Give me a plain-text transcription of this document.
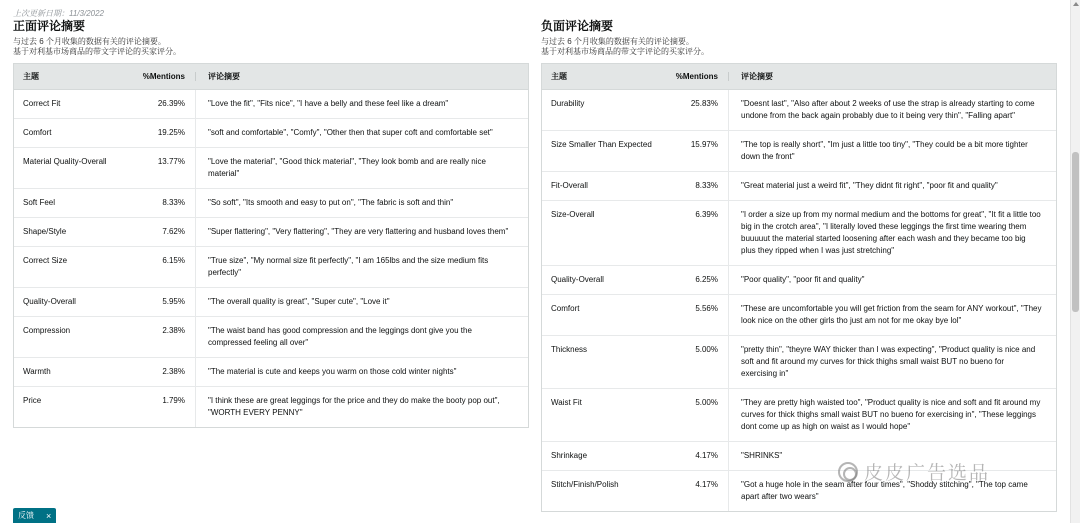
上次更新日期：11/3/2022
正面评论摘要
与过去 6 个月收集的数据有关的评论摘要。
基于对利基市场商品的带文字评论的买家评分。
主题	%Mentions	评论摘要
Correct Fit	26.39%	"Love the fit", "Fits nice", "I have a belly and these feel like a dream"
Comfort	19.25%	"soft and comfortable", "Comfy", "Other then that super coft and comfortable set"
Material Quality-Overall	13.77%	"Love the material", "Good thick material", "They look bomb and are really nice material"
Soft Feel	8.33%	"So soft", "Its smooth and easy to put on", "The fabric is soft and thin"
Shape/Style	7.62%	"Super flattering", "Very flattering", "They are very flattering and husband loves them"
Correct Size	6.15%	"True size", "My normal size fit perfectly", "I am 165lbs and the size medium fits perfectly"
Quality-Overall	5.95%	"The overall quality is great", "Super cute", "Love it"
Compression	2.38%	"The waist band has good compression and the leggings dont give you the compressed feeling all over"
Warmth	2.38%	"The material is cute and keeps you warm on those cold winter nights"
Price	1.79%	"I think these are great leggings for the price and they do make the booty pop out", "WORTH EVERY PENNY"
负面评论摘要
与过去 6 个月收集的数据有关的评论摘要。
基于对利基市场商品的带文字评论的买家评分。
主题	%Mentions	评论摘要
Durability	25.83%	"Doesnt last", "Also after about 2 weeks of use the strap is already starting to come undone from the back again probably due to it being very thin", "Falling apart"
Size Smaller Than Expected	15.97%	"The top is really short", "Im just a little too tiny", "They could be a bit more tighter down the front"
Fit-Overall	8.33%	"Great material just a weird fit", "They didnt fit right", "poor fit and quality"
Size-Overall	6.39%	"I order a size up from my normal medium and the bottoms for great", "It fit a little too big in the crotch area", "I literally loved these leggings the first time wearing them buuuuut the material started loosening after each wash and they became too big plus they ripped when I was just stretching"
Quality-Overall	6.25%	"Poor quality", "poor fit and quality"
Comfort	5.56%	"These are uncomfortable you will get friction from the seam for ANY workout", "They look nice on the other girls tho just am not for me okay bye lol"
Thickness	5.00%	"pretty thin", "theyre WAY thicker than I was expecting", "Product quality is nice and soft and fit around my curves for thick thighs small waist BUT no bueno for exercising in"
Waist Fit	5.00%	"They are pretty high waisted too", "Product quality is nice and soft and fit around my curves for thick thighs small waist BUT no bueno for exercising in", "These leggings dont come up as high on waist as I would hope"
Shrinkage	4.17%	"SHRINKS"
Stitch/Finish/Polish	4.17%	"Got a huge hole in the seam after four times", "Shoddy stitching", "The top came apart after two wears"
皮皮广告选品
反馈 ×
